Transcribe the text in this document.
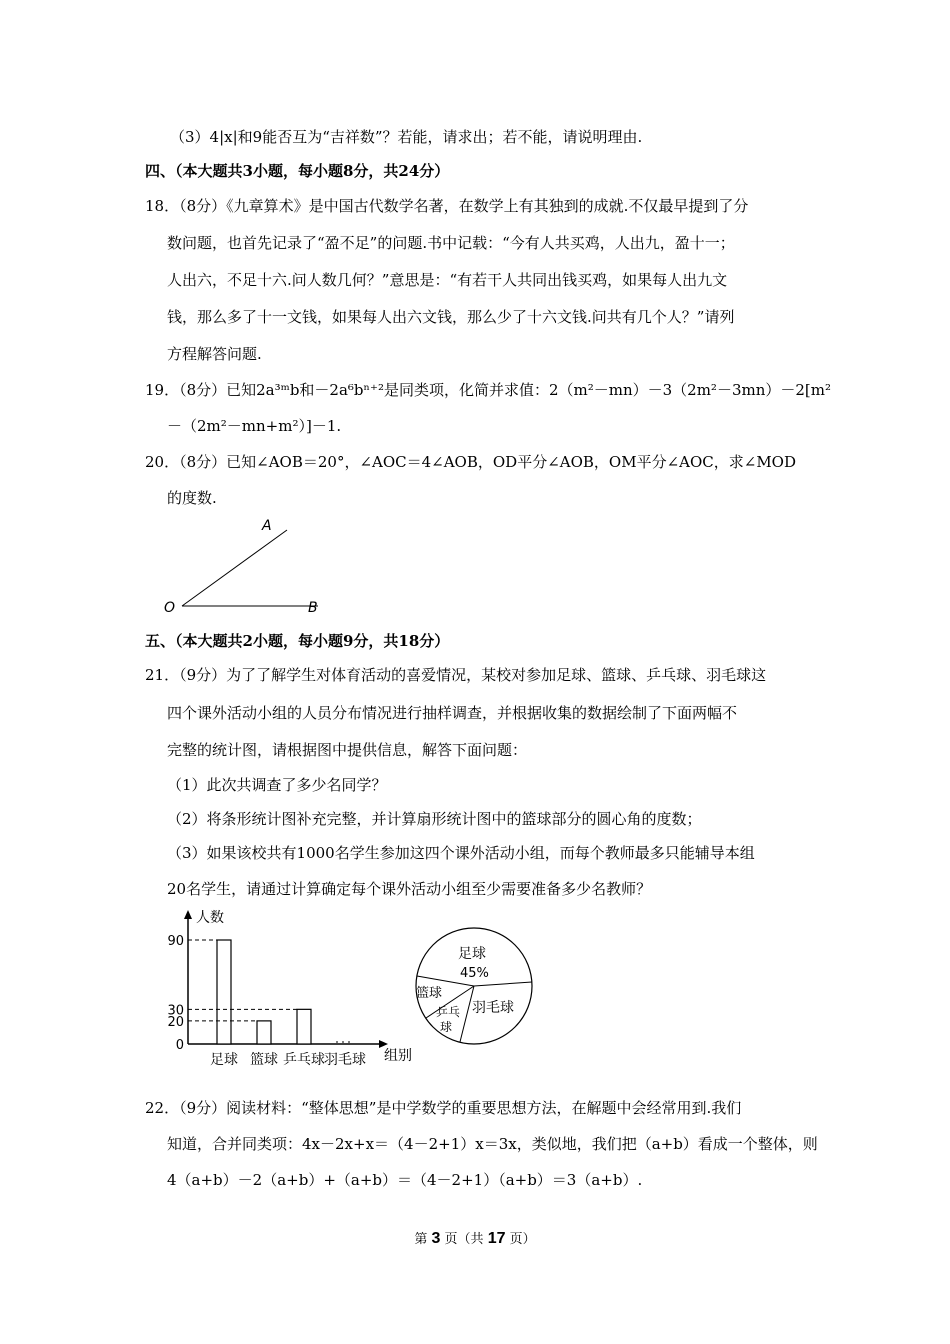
（3）4|x|和9能否互为“吉祥数”？若能，请求出；若不能，请说明理由.
四、（本大题共3小题，每小题8分，共24分）
18．（8分）《九章算术》是中国古代数学名著，在数学上有其独到的成就.不仅最早提到了分
数问题，也首先记录了“盈不足”的问题.书中记载：“今有人共买鸡，人出九，盈十一；
人出六，不足十六.问人数几何？”意思是：“有若干人共同出钱买鸡，如果每人出九文
钱，那么多了十一文钱，如果每人出六文钱，那么少了十六文钱.问共有几个人？”请列
方程解答问题.
19．（8分）已知2a³ᵐb和－2a⁶bⁿ⁺²是同类项，化简并求值：2（m²－mn）－3（2m²－3mn）－2[m²
－（2m²－mn+m²）]－1.
20．（8分）已知∠AOB＝20°，∠AOC＝4∠AOB，OD平分∠AOB，OM平分∠AOC，求∠MOD
的度数.
A
O	B
五、（本大题共2小题，每小题9分，共18分）
21．（9分）为了了解学生对体育活动的喜爱情况，某校对参加足球、篮球、乒乓球、羽毛球这
四个课外活动小组的人员分布情况进行抽样调查，并根据收集的数据绘制了下面两幅不
完整的统计图，请根据图中提供信息，解答下面问题：
（1）此次共调查了多少名同学？
（2）将条形统计图补充完整，并计算扇形统计图中的篮球部分的圆心角的度数；
（3）如果该校共有1000名学生参加这四个课外活动小组，而每个教师最多只能辅导本组
20名学生，请通过计算确定每个课外活动小组至少需要准备多少名教师？
人数
组别
0
20
30
90
足球 篮球 乒乓球 羽毛球
足球
45%
篮球
乒乓
球
羽毛球
22．（9分）阅读材料：“整体思想”是中学数学的重要思想方法，在解题中会经常用到.我们
知道，合并同类项：4x－2x+x＝（4－2+1）x＝3x，类似地，我们把（a+b）看成一个整体，则
4（a+b）－2（a+b）+（a+b）＝（4－2+1）（a+b）＝3（a+b）.
第 3 页（共 17 页）
